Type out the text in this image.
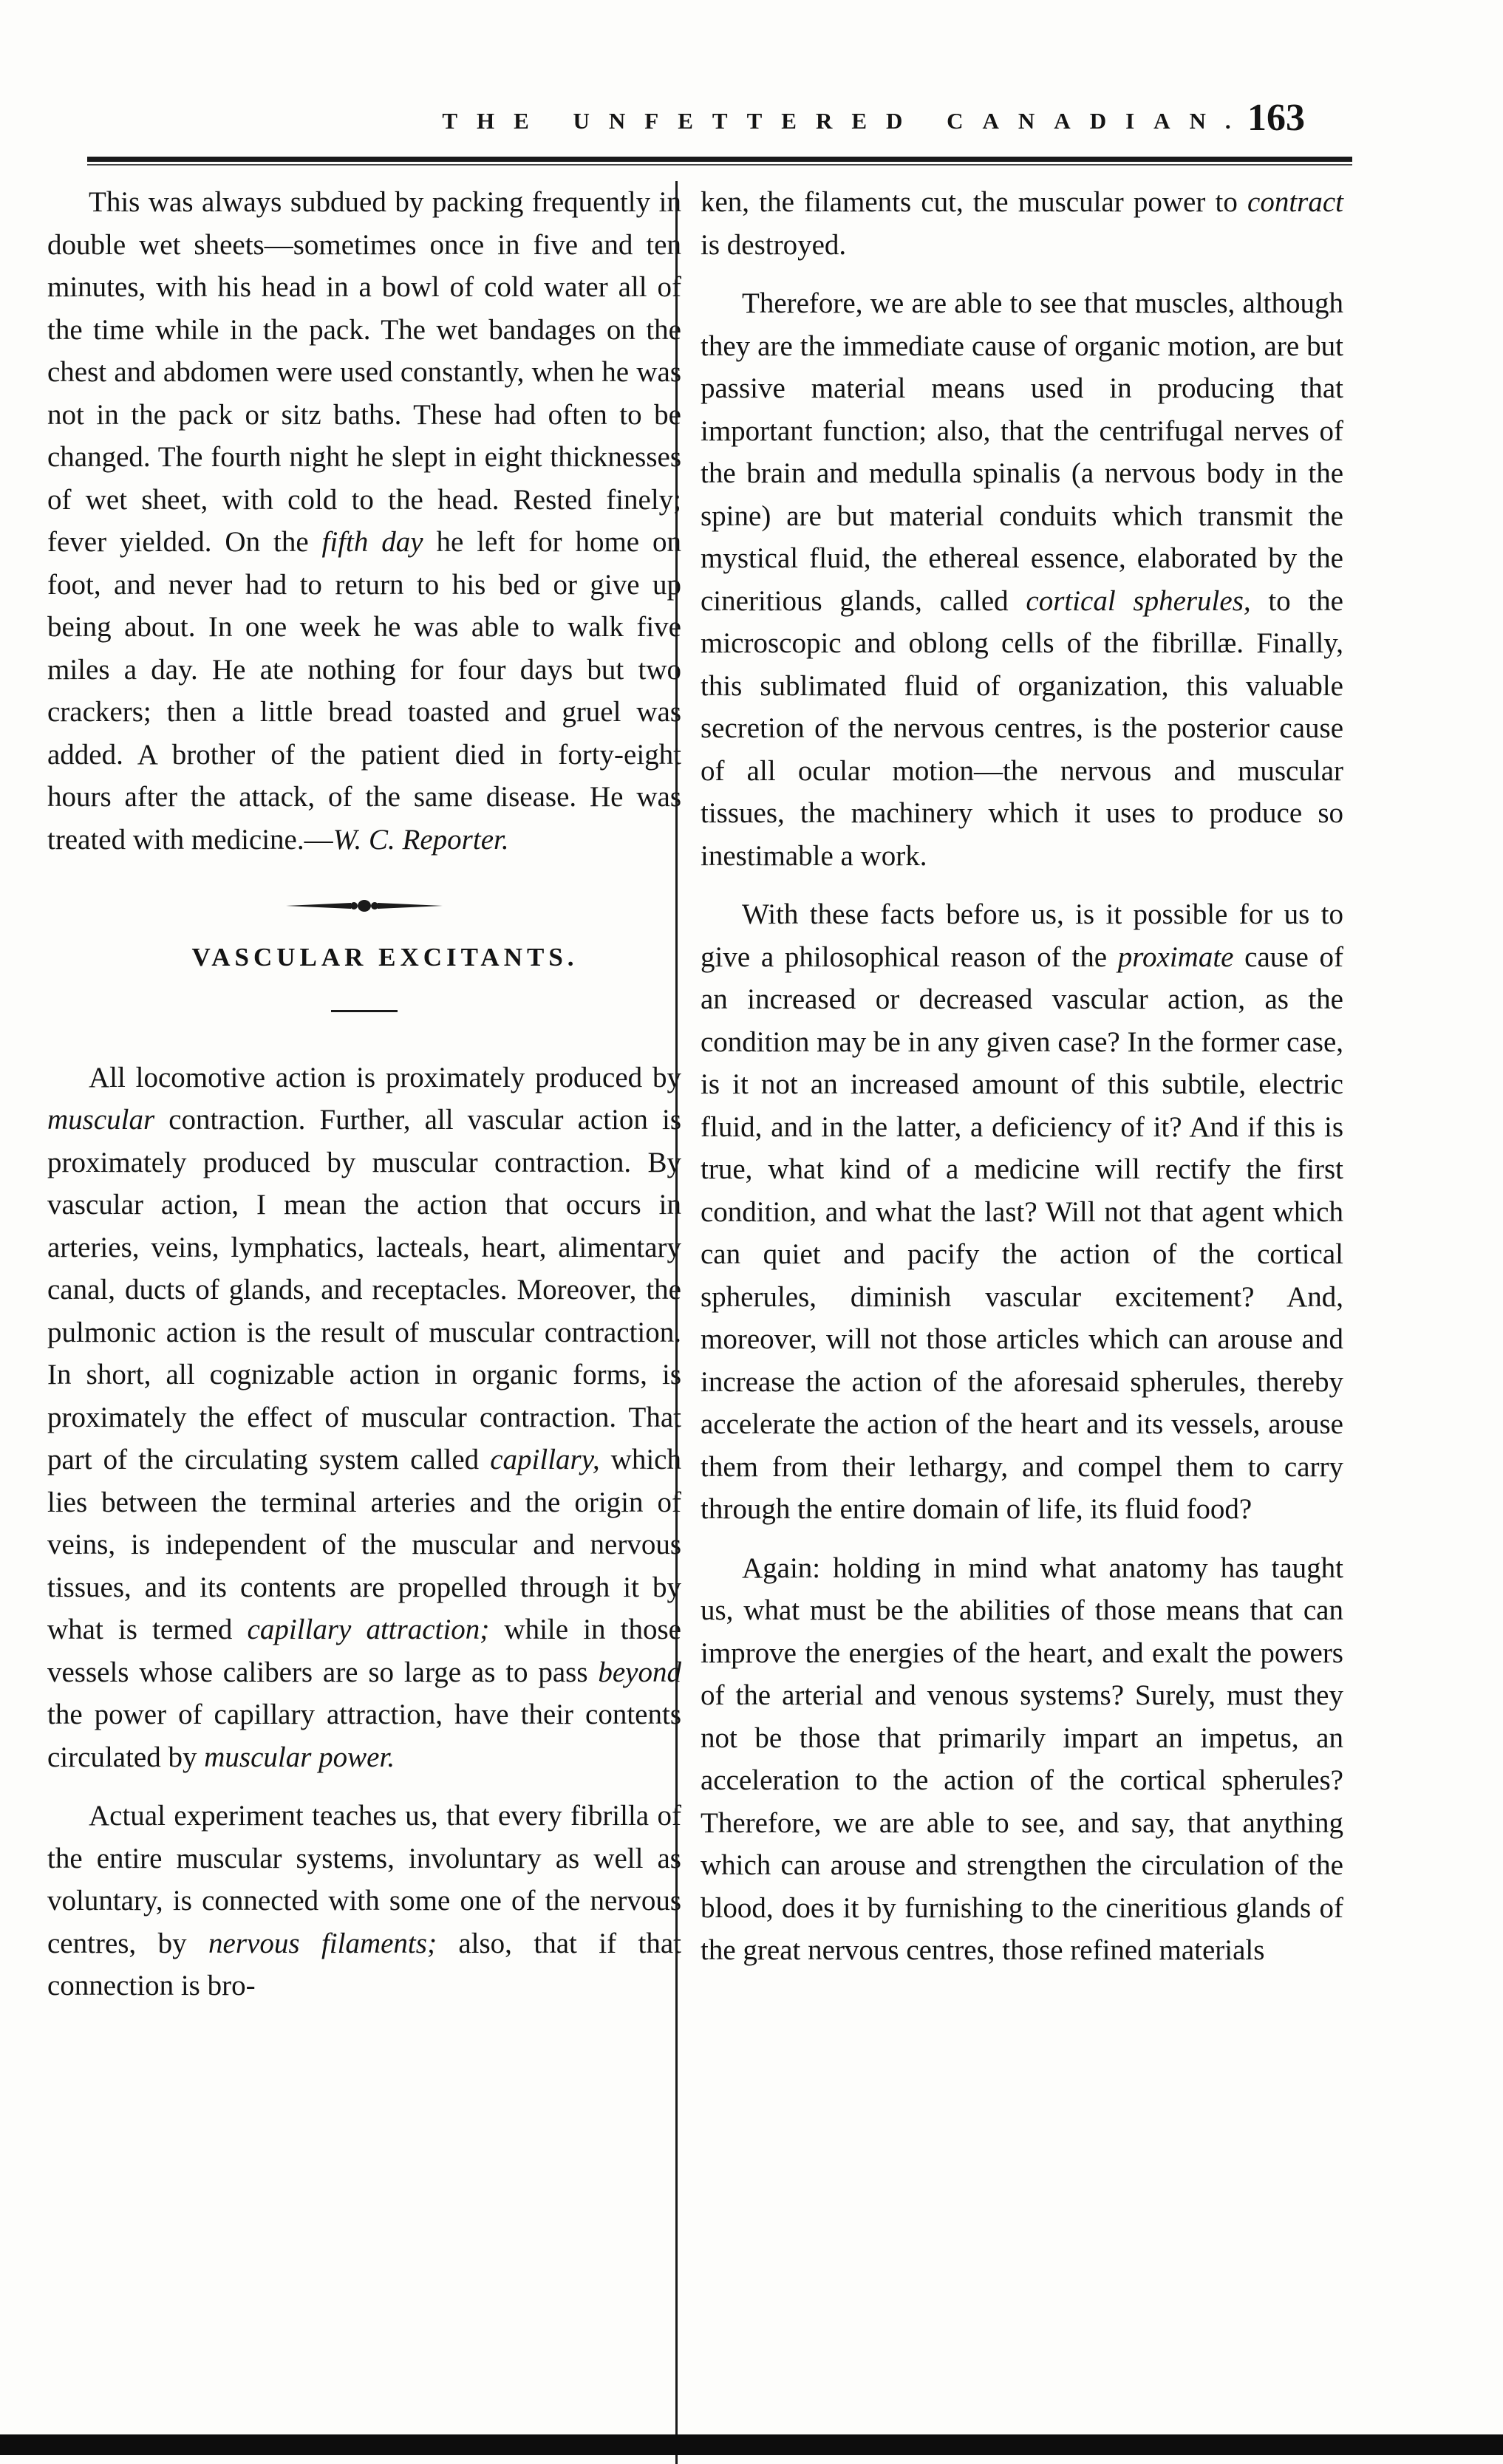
THE UNFETTERED CANADIAN.
163

This was always subdued by packing frequently in double wet sheets—sometimes once in five and ten minutes, with his head in a bowl of cold water all of the time while in the pack. The wet bandages on the chest and abdomen were used constantly, when he was not in the pack or sitz baths. These had often to be changed. The fourth night he slept in eight thicknesses of wet sheet, with cold to the head. Rested finely; fever yielded. On the fifth day he left for home on foot, and never had to return to his bed or give up being about. In one week he was able to walk five miles a day. He ate nothing for four days but two crackers; then a little bread toasted and gruel was added. A brother of the patient died in forty-eight hours after the attack, of the same disease. He was treated with medicine.—W. C. Reporter.

VASCULAR EXCITANTS.

All locomotive action is proximately produced by muscular contraction. Further, all vascular action is proximately produced by muscular contraction. By vascular action, I mean the action that occurs in arteries, veins, lymphatics, lacteals, heart, alimentary canal, ducts of glands, and receptacles. Moreover, the pulmonic action is the result of muscular contraction. In short, all cognizable action in organic forms, is proximately the effect of muscular contraction. That part of the circulating system called capillary, which lies between the terminal arteries and the origin of veins, is independent of the muscular and nervous tissues, and its contents are propelled through it by what is termed capillary attraction; while in those vessels whose calibers are so large as to pass beyond the power of capillary attraction, have their contents circulated by muscular power.

Actual experiment teaches us, that every fibrilla of the entire muscular systems, involuntary as well as voluntary, is connected with some one of the nervous centres, by nervous filaments; also, that if that connection is bro-

ken, the filaments cut, the muscular power to contract is destroyed.

Therefore, we are able to see that muscles, although they are the immediate cause of organic motion, are but passive material means used in producing that important function; also, that the centrifugal nerves of the brain and medulla spinalis (a nervous body in the spine) are but material conduits which transmit the mystical fluid, the ethereal essence, elaborated by the cineritious glands, called cortical spherules, to the microscopic and oblong cells of the fibrillæ. Finally, this sublimated fluid of organization, this valuable secretion of the nervous centres, is the posterior cause of all ocular motion—the nervous and muscular tissues, the machinery which it uses to produce so inestimable a work.

With these facts before us, is it possible for us to give a philosophical reason of the proximate cause of an increased or decreased vascular action, as the condition may be in any given case? In the former case, is it not an increased amount of this subtile, electric fluid, and in the latter, a deficiency of it? And if this is true, what kind of a medicine will rectify the first condition, and what the last? Will not that agent which can quiet and pacify the action of the cortical spherules, diminish vascular excitement? And, moreover, will not those articles which can arouse and increase the action of the aforesaid spherules, thereby accelerate the action of the heart and its vessels, arouse them from their lethargy, and compel them to carry through the entire domain of life, its fluid food?

Again: holding in mind what anatomy has taught us, what must be the abilities of those means that can improve the energies of the heart, and exalt the powers of the arterial and venous systems? Surely, must they not be those that primarily impart an impetus, an acceleration to the action of the cortical spherules? Therefore, we are able to see, and say, that anything which can arouse and strengthen the circulation of the blood, does it by furnishing to the cineritious glands of the great nervous centres, those refined materials
